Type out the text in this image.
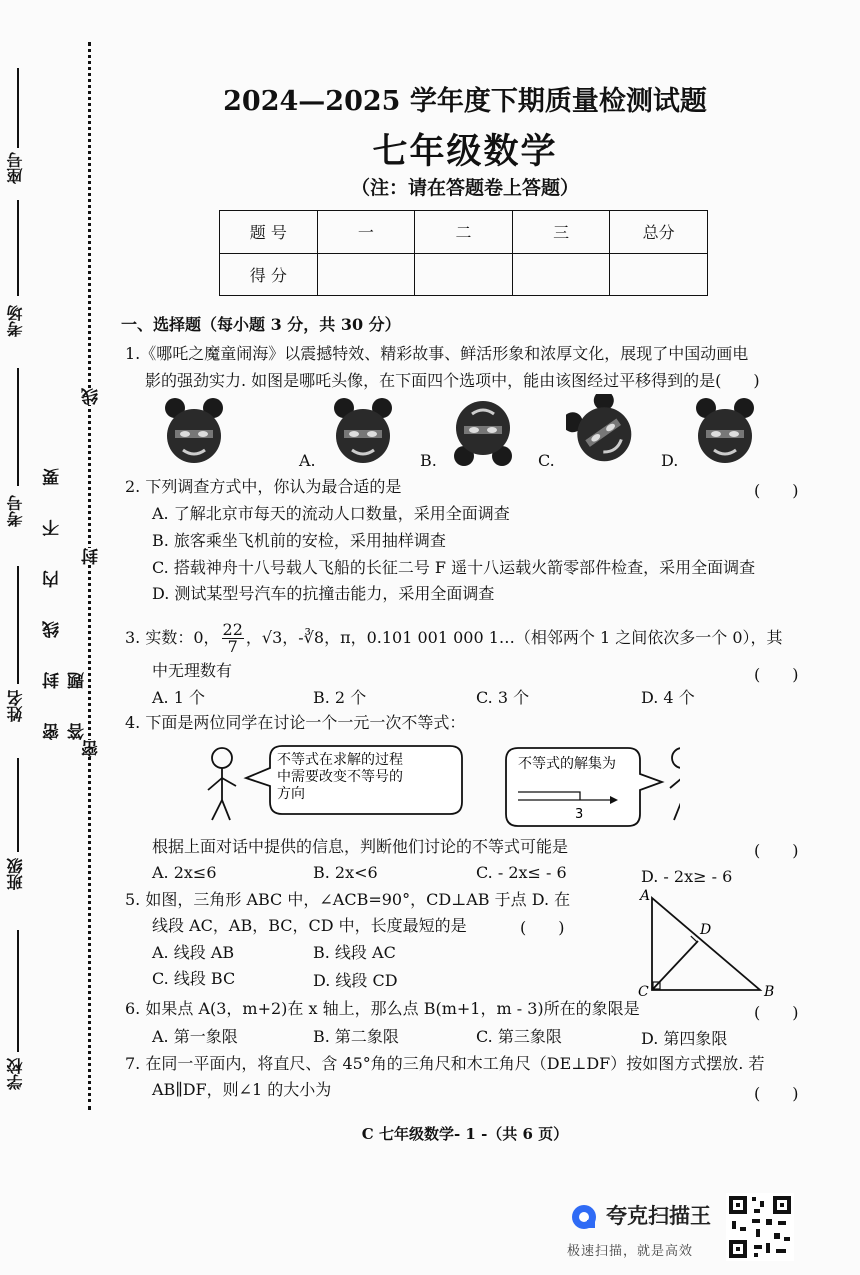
座号
考场
考号
姓名
班级
学校
密 封 线 内 不 要 答 题
线
封
密
2024—2025 学年度下期质量检测试题
七年级数学
（注：请在答题卷上答题）
题 号	一	二	三	总分
得 分				
一、选择题（每小题 3 分，共 30 分）
1.《哪吒之魔童闹海》以震撼特效、精彩故事、鲜活形象和浓厚文化，展现了中国动画电
影的强劲实力. 如图是哪吒头像，在下面四个选项中，能由该图经过平移得到的是(　　)
A.	B.	C.	D.
2. 下列调查方式中，你认为最合适的是	(　　)
A. 了解北京市每天的流动人口数量，采用全面调查
B. 旅客乘坐飞机前的安检，采用抽样调查
C. 搭载神舟十八号载人飞船的长征二号 F 遥十八运载火箭零部件检查，采用全面调查
D. 测试某型号汽车的抗撞击能力，采用全面调查
3. 实数：0， $\frac{22}{7}$ ，√3，-∛8，π，0.101 001 000 1…（相邻两个 1 之间依次多一个 0），其
中无理数有	(　　)
A. 1 个	B. 2 个	C. 3 个	D. 4 个
4. 下面是两位同学在讨论一个一元一次不等式：
不等式在求解的过程
中需要改变不等号的
方向
不等式的解集为
3
根据上面对话中提供的信息，判断他们讨论的不等式可能是	(　　)
A. 2x≤6	B. 2x<6	C. - 2x≤ - 6	D. - 2x≥ - 6
5. 如图，三角形 ABC 中，∠ACB=90°，CD⊥AB 于点 D. 在
线段 AC，AB，BC，CD 中，长度最短的是	(　　)
A. 线段 AB	B. 线段 AC
C. 线段 BC	D. 线段 CD
A
D
C	B
6. 如果点 A(3，m+2)在 x 轴上，那么点 B(m+1，m - 3)所在的象限是	(　　)
A. 第一象限	B. 第二象限	C. 第三象限	D. 第四象限
7. 在同一平面内，将直尺、含 45°角的三角尺和木工角尺（DE⊥DF）按如图方式摆放. 若
AB∥DF，则∠1 的大小为	(　　)
C 七年级数学- 1 -（共 6 页）
夸克扫描王
极速扫描，就是高效
